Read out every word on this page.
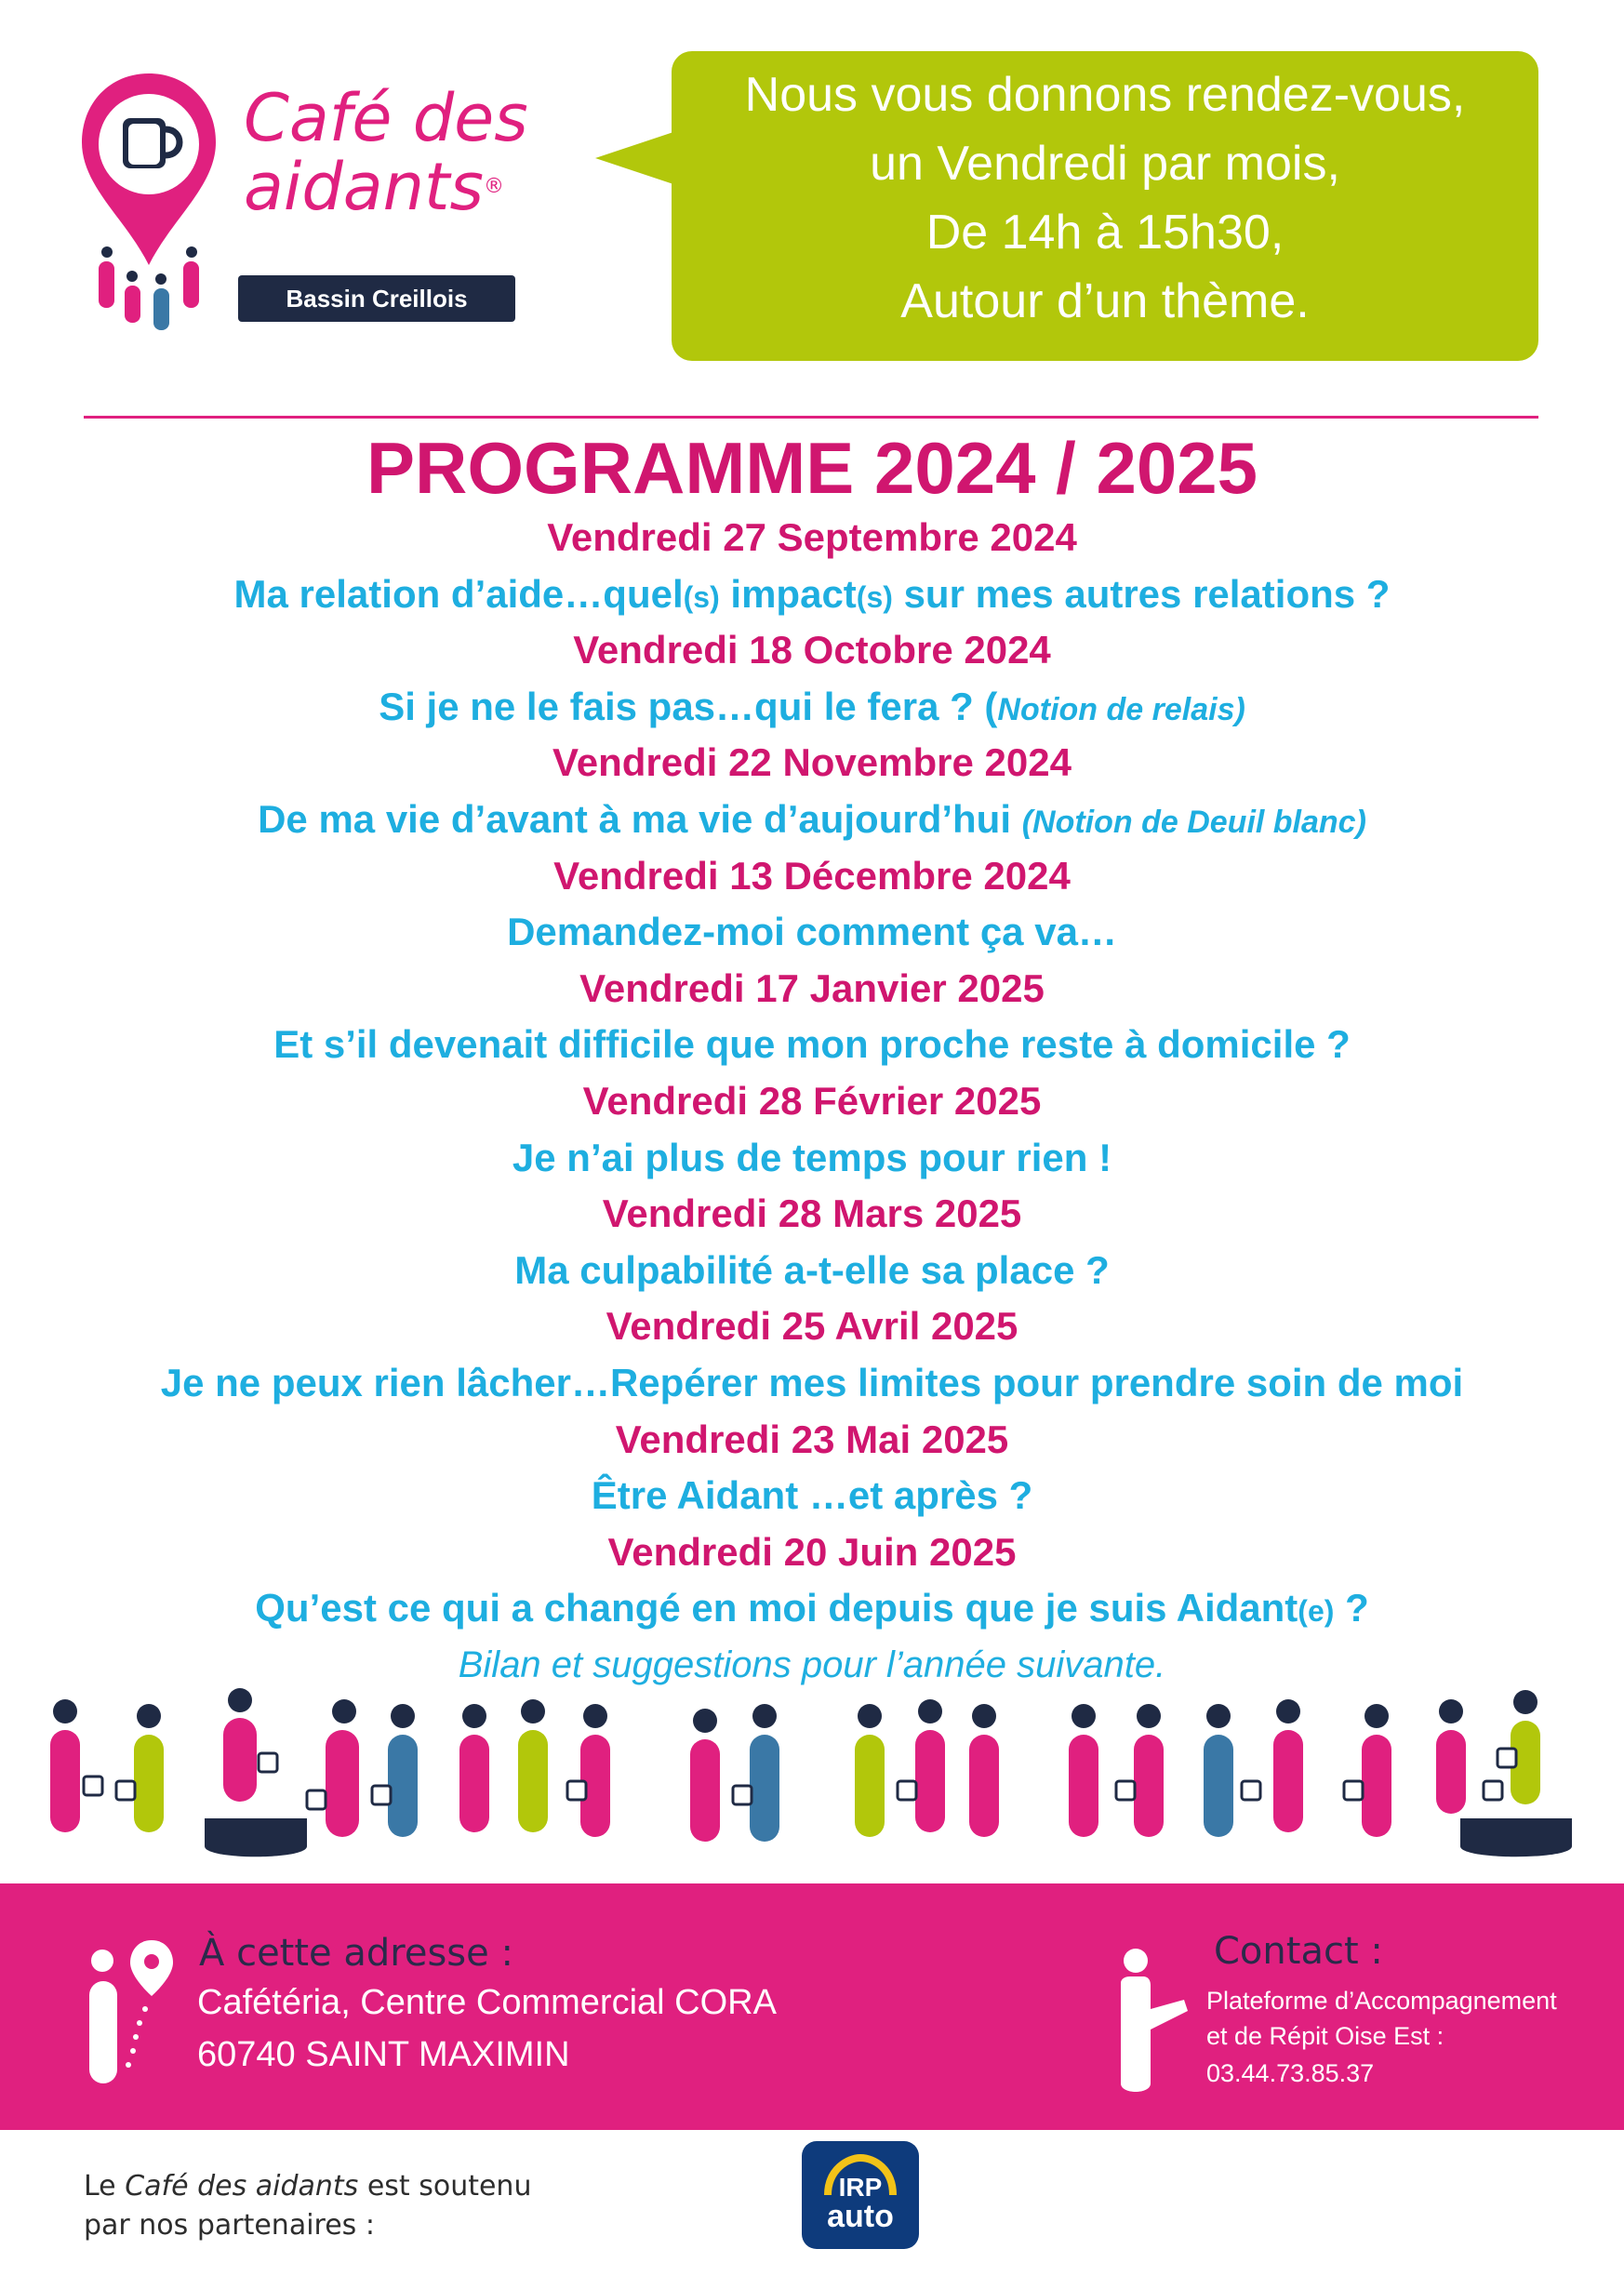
Café des
aidants®
Bassin Creillois
Nous vous donnons rendez-vous,
un Vendredi par mois,
De 14h à 15h30,
Autour d’un thème.
PROGRAMME 2024 / 2025
Vendredi 27 Septembre 2024
Ma relation d’aide…quel(s) impact(s) sur mes autres relations ?
Vendredi 18 Octobre 2024
Si je ne le fais pas…qui le fera ? (Notion de relais)
Vendredi 22 Novembre 2024
De ma vie d’avant à ma vie d’aujourd’hui (Notion de Deuil blanc)
Vendredi 13 Décembre 2024
Demandez-moi comment ça va…
Vendredi 17 Janvier 2025
Et s’il devenait difficile que mon proche reste à domicile ?
Vendredi 28 Février 2025
Je n’ai plus de temps pour rien !
Vendredi 28 Mars 2025
Ma culpabilité a-t-elle sa place ?
Vendredi 25 Avril 2025
Je ne peux rien lâcher…Repérer mes limites pour prendre soin de moi
Vendredi 23 Mai 2025
Être Aidant …et après ?
Vendredi 20 Juin 2025
Qu’est ce qui a changé en moi depuis que je suis Aidant(e) ?
Bilan et suggestions pour l’année suivante.
À cette adresse :
Cafétéria, Centre Commercial CORA
60740 SAINT MAXIMIN
Contact :
Plateforme d’Accompagnement
et de Répit Oise Est :
03.44.73.85.37
Le Café des aidants est soutenu
par nos partenaires :
IRP
auto
